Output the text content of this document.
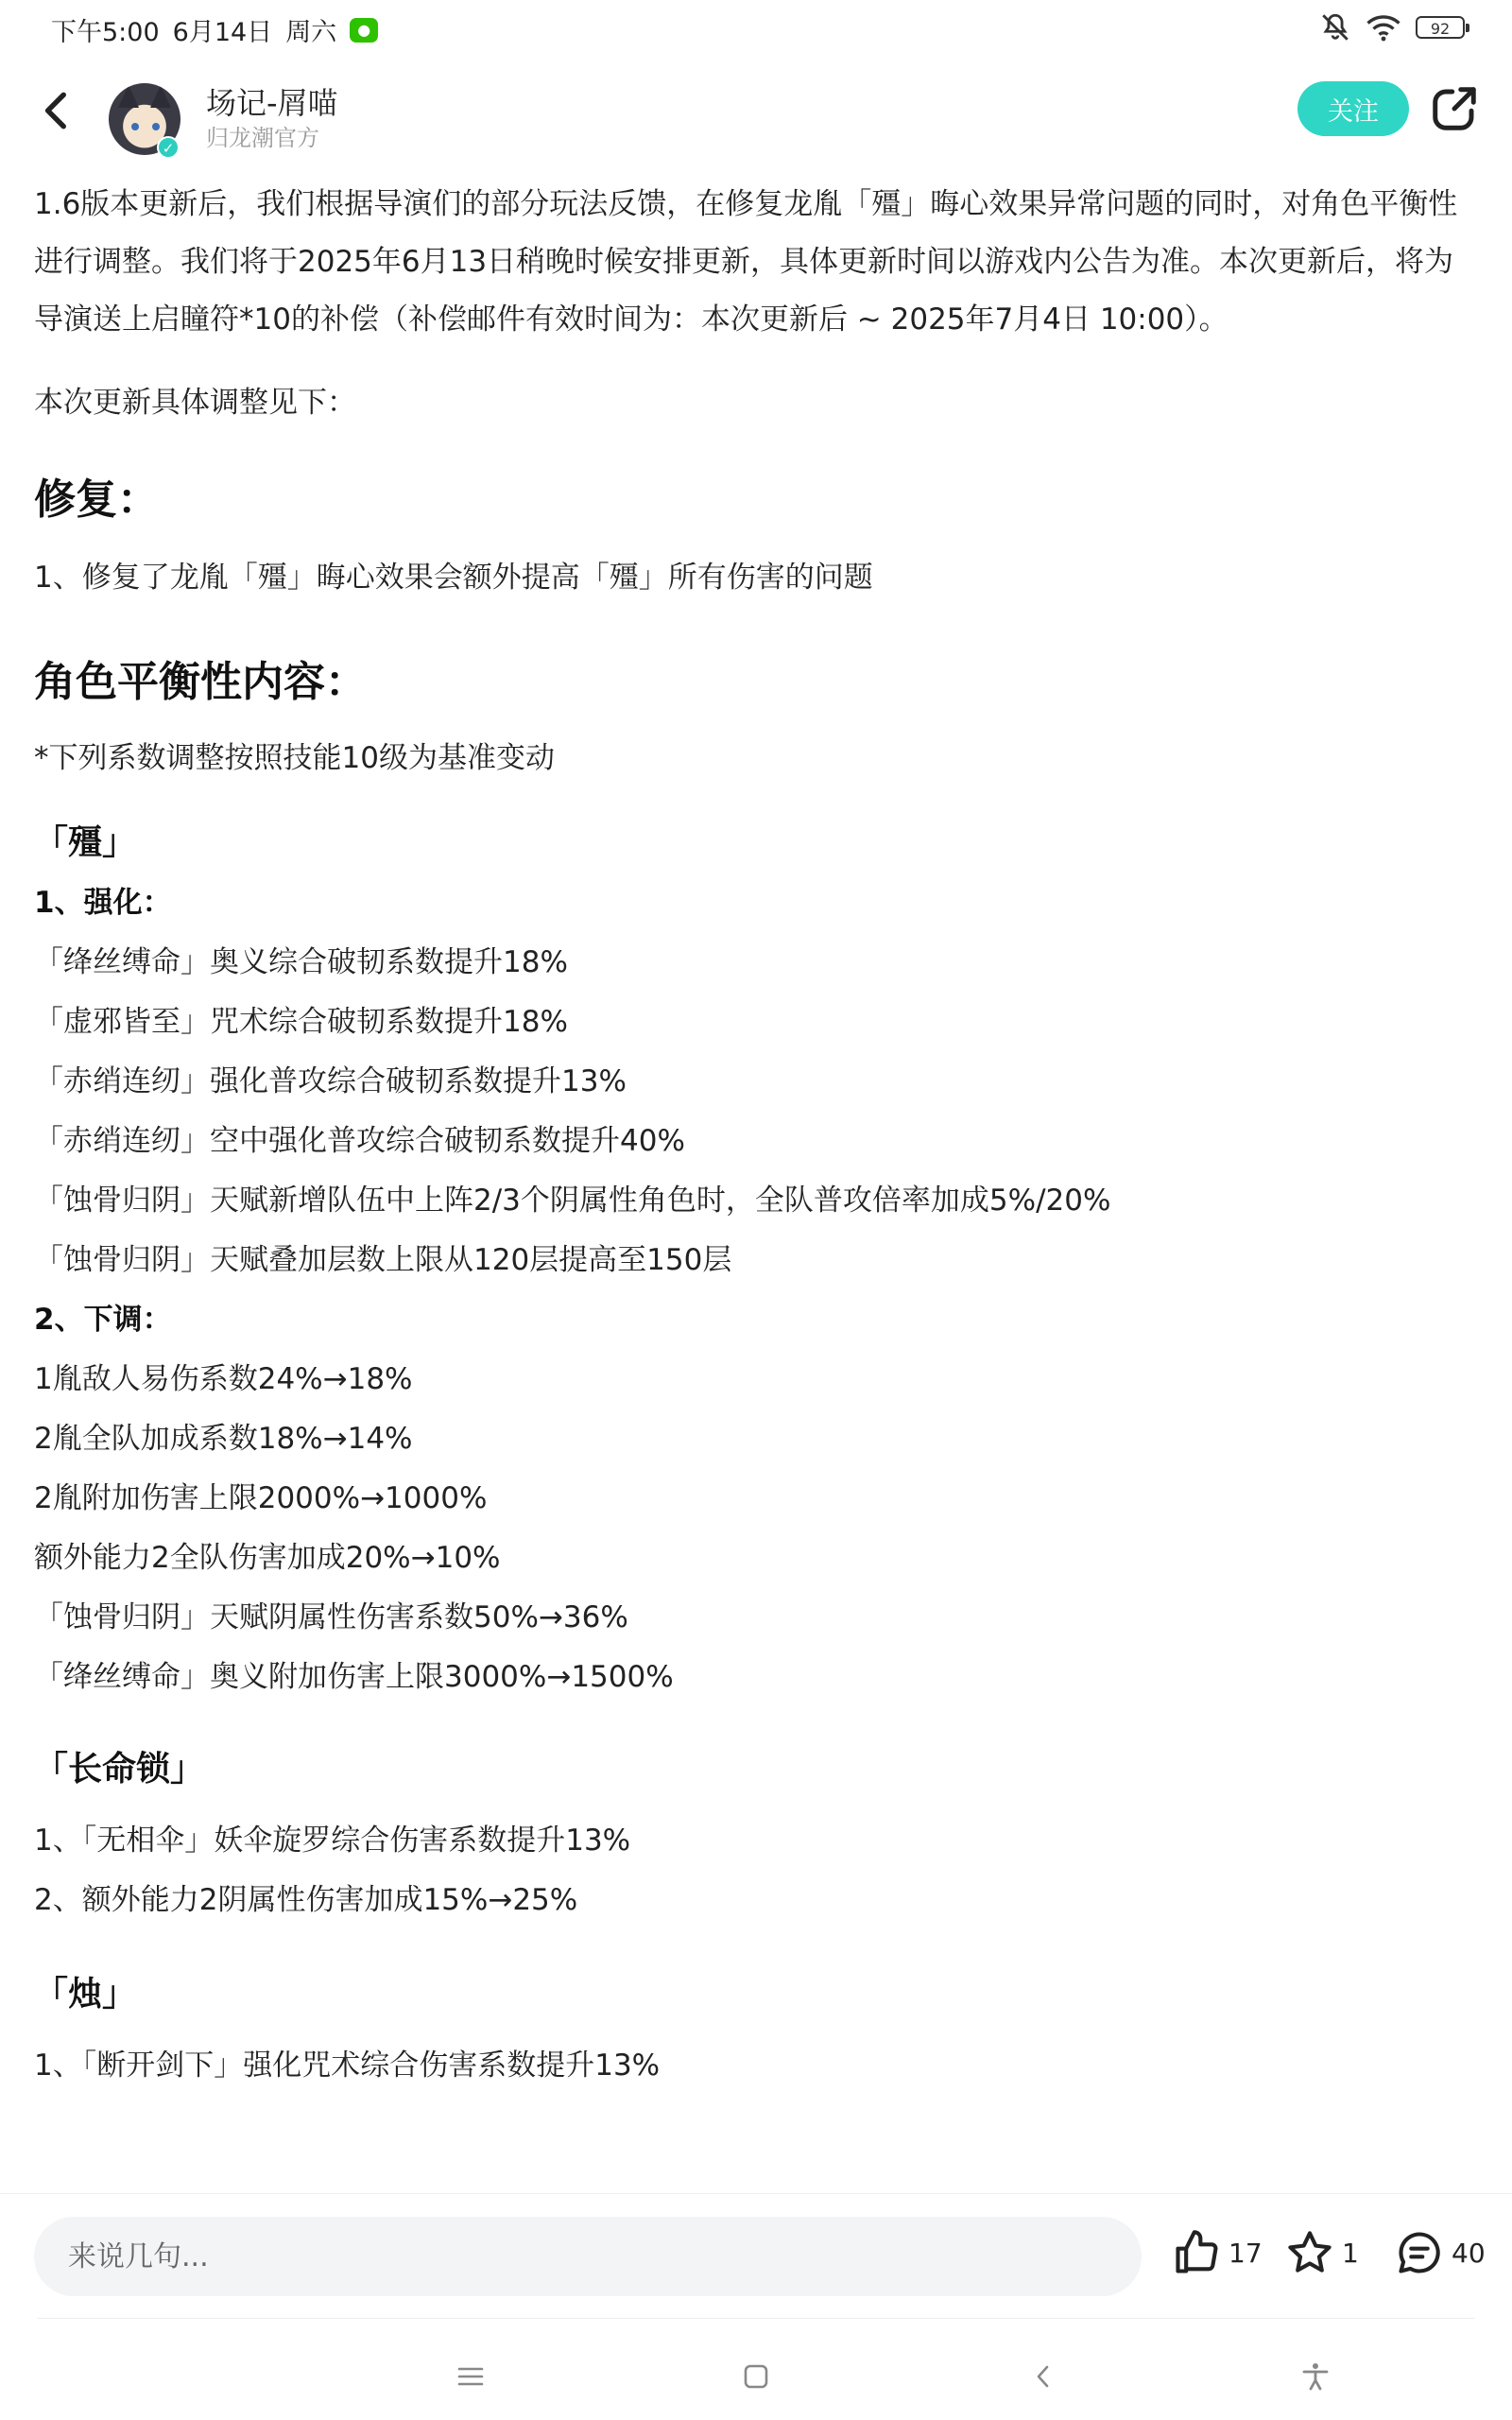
下午5:00 6月14日 周六	●	92
✓
场记-屑喵
归龙潮官方
关注

1.6版本更新后，我们根据导演们的部分玩法反馈，在修复龙胤「殭」晦心效果异常问题的同时，对角色平衡性进行调整。我们将于2025年6月13日稍晚时候安排更新，具体更新时间以游戏内公告为准。本次更新后，将为导演送上启瞳符*10的补偿（补偿邮件有效时间为：本次更新后 ~ 2025年7月4日 10:00）。

本次更新具体调整见下：

修复：

1、修复了龙胤「殭」晦心效果会额外提高「殭」所有伤害的问题

角色平衡性内容：

*下列系数调整按照技能10级为基准变动

「殭」

1、强化：

「绛丝缚命」奥义综合破韧系数提升18%

「虚邪皆至」咒术综合破韧系数提升18%

「赤绡连纫」强化普攻综合破韧系数提升13%

「赤绡连纫」空中强化普攻综合破韧系数提升40%

「蚀骨归阴」天赋新增队伍中上阵2/3个阴属性角色时，全队普攻倍率加成5%/20%

「蚀骨归阴」天赋叠加层数上限从120层提高至150层

2、下调：

1胤敌人易伤系数24%→18%

2胤全队加成系数18%→14%

2胤附加伤害上限2000%→1000%

额外能力2全队伤害加成20%→10%

「蚀骨归阴」天赋阴属性伤害系数50%→36%

「绛丝缚命」奥义附加伤害上限3000%→1500%

「长命锁」

1、「无相伞」妖伞旋罗综合伤害系数提升13%

2、额外能力2阴属性伤害加成15%→25%

「烛」

1、「断开剑下」强化咒术综合伤害系数提升13%

来说几句...
17	1	40
